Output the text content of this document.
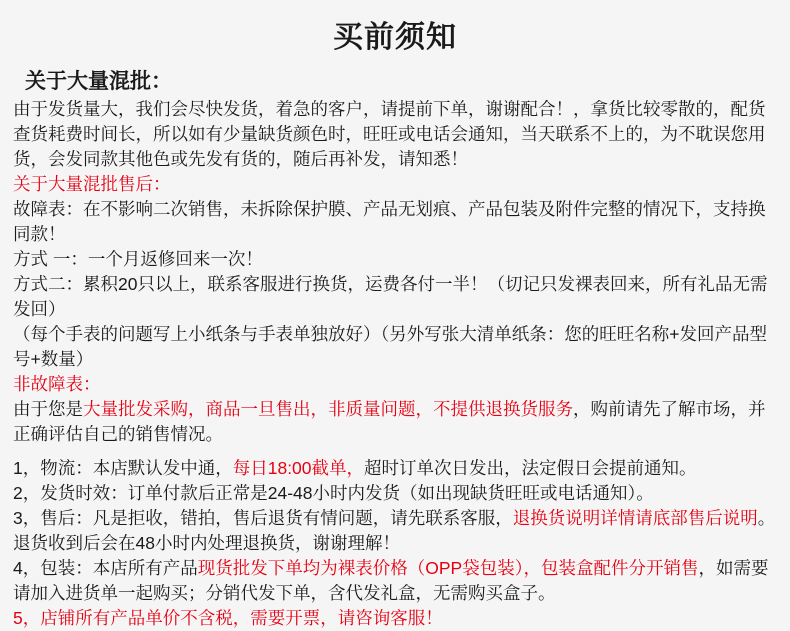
买前须知
关于大量混批：

由于发货量大，我们会尽快发货，着急的客户，请提前下单，谢谢配合！，拿货比较零散的，配货查货耗费时间长，所以如有少量缺货颜色时，旺旺或电话会通知，当天联系不上的，为不耽误您用货，会发同款其他色或先发有货的，随后再补发，请知悉！

关于大量混批售后：

故障表：在不影响二次销售，未拆除保护膜、产品无划痕、产品包装及附件完整的情况下，支持换同款！

方式 一：一个月返修回来一次！

方式二：累积20只以上，联系客服进行换货，运费各付一半！（切记只发裸表回来，所有礼品无需发回）

（每个手表的问题写上小纸条与手表单独放好）（另外写张大清单纸条：您的旺旺名称+发回产品型号+数量）

非故障表：

由于您是大量批发采购，商品一旦售出，非质量问题，不提供退换货服务，购前请先了解市场，并正确评估自己的销售情况。

1，物流：本店默认发中通，每日18:00截单，超时订单次日发出，法定假日会提前通知。

2，发货时效：订单付款后正常是24-48小时内发货（如出现缺货旺旺或电话通知）。

3，售后：凡是拒收，错拍，售后退货有情问题，请先联系客服，退换货说明详情请底部售后说明。退货收到后会在48小时内处理退换货，谢谢理解！

4，包装：本店所有产品现货批发下单均为裸表价格（OPP袋包装），包装盒配件分开销售，如需要请加入进货单一起购买；分销代发下单，含代发礼盒，无需购买盒子。

5，店铺所有产品单价不含税，需要开票，请咨询客服！
